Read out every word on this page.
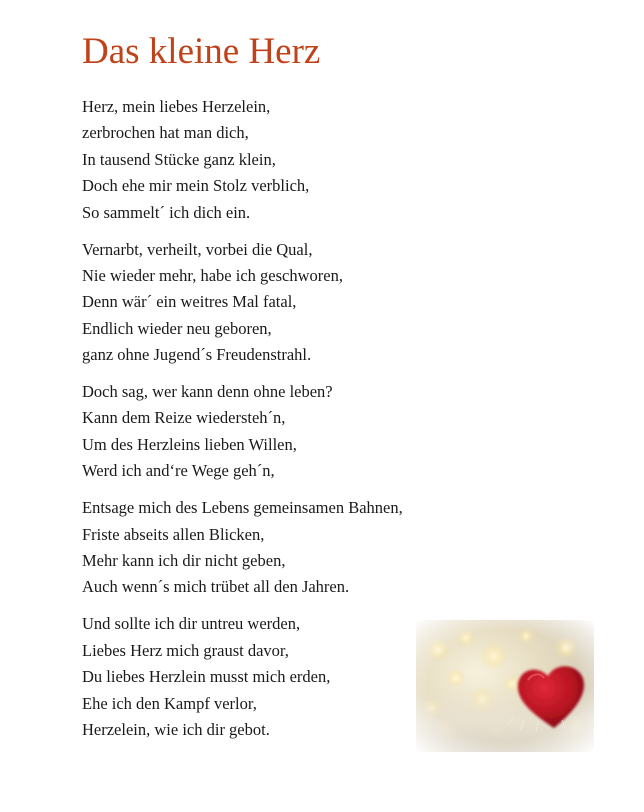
Das kleine Herz
Herz, mein liebes Herzelein,
zerbrochen hat man dich,
In tausend Stücke ganz klein,
Doch ehe mir mein Stolz verblich,
So sammelt´ ich dich ein.
Vernarbt, verheilt, vorbei die Qual,
Nie wieder mehr, habe ich geschworen,
Denn wär´ ein weitres Mal fatal,
Endlich wieder neu geboren,
ganz ohne Jugend´s Freudenstrahl.
Doch sag, wer kann denn ohne leben?
Kann dem Reize wiedersteh´n,
Um des Herzleins lieben Willen,
Werd ich and‘re Wege geh´n,
Entsage mich des Lebens gemeinsamen Bahnen,
Friste abseits allen Blicken,
Mehr kann ich dir nicht geben,
Auch wenn´s mich trübet all den Jahren.
Und sollte ich dir untreu werden,
Liebes Herz mich graust davor,
Du liebes Herzlein musst mich erden,
Ehe ich den Kampf verlor,
Herzelein, wie ich dir gebot.
